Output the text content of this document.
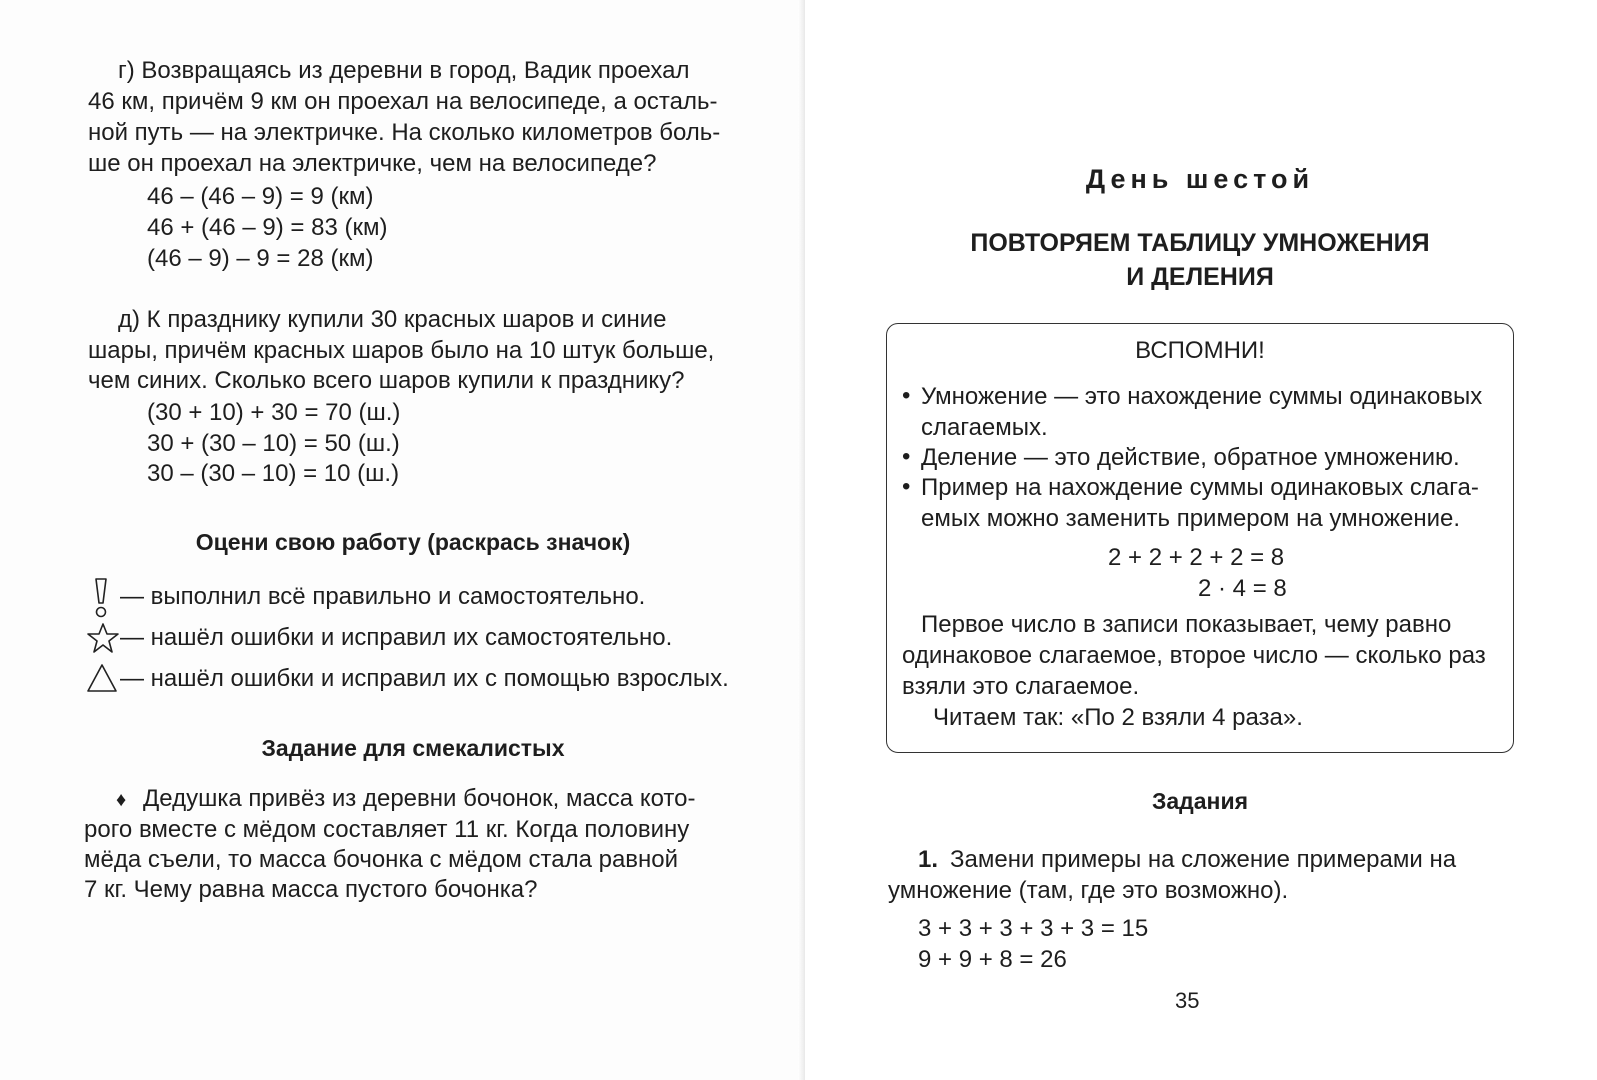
г) Возвращаясь из деревни в город, Вадик проехал
46 км, причём 9 км он проехал на велосипеде, а осталь-
ной путь — на электричке. На сколько километров боль-
ше он проехал на электричке, чем на велосипеде?
46 – (46 – 9) = 9 (км)
46 + (46 – 9) = 83 (км)
(46 – 9) – 9 = 28 (км)
д) К празднику купили 30 красных шаров и синие
шары, причём красных шаров было на 10 штук больше,
чем синих. Сколько всего шаров купили к празднику?
(30 + 10) + 30 = 70 (ш.)
30 + (30 – 10) = 50 (ш.)
30 – (30 – 10) = 10 (ш.)
Оцени свою работу (раскрась значок)
— выполнил всё правильно и самостоятельно.
— нашёл ошибки и исправил их самостоятельно.
— нашёл ошибки и исправил их с помощью взрослых.
Задание для смекалистых
♦ Дедушка привёз из деревни бочонок, масса кото-
рого вместе с мёдом составляет 11 кг. Когда половину
мёда съели, то масса бочонка с мёдом стала равной
7 кг. Чему равна масса пустого бочонка?
День шестой
ПОВТОРЯЕМ ТАБЛИЦУ УМНОЖЕНИЯ
И ДЕЛЕНИЯ
ВСПОМНИ!
• Умножение — это нахождение суммы одинаковых
слагаемых.
• Деление — это действие, обратное умножению.
• Пример на нахождение суммы одинаковых слага-
емых можно заменить примером на умножение.
2 + 2 + 2 + 2 = 8
2 · 4 = 8
Первое число в записи показывает, чему равно
одинаковое слагаемое, второе число — сколько раз
взяли это слагаемое.
Читаем так: «По 2 взяли 4 раза».
Задания
1. Замени примеры на сложение примерами на
умножение (там, где это возможно).
3 + 3 + 3 + 3 + 3 = 15
9 + 9 + 8 = 26
35
